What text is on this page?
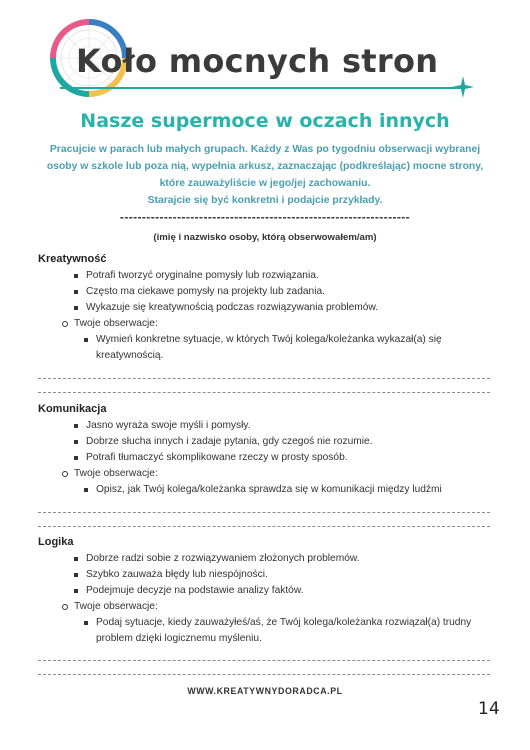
Koło mocnych stron
Nasze supermoce w oczach innych
Pracujcie w parach lub małych grupach. Każdy z Was po tygodniu obserwacji wybranej
osoby w szkole lub poza nią, wypełnia arkusz, zaznaczając (podkreślając) mocne strony,
które zauważyliście w jego/jej zachowaniu.
Starajcie się być konkretni i podajcie przykłady.
------------------------------------------------------------------
(imię i nazwisko osoby, którą obserwowałem/am)
Kreatywność
Potrafi tworzyć oryginalne pomysły lub rozwiązania.
Często ma ciekawe pomysły na projekty lub zadania.
Wykazuje się kreatywnością podczas rozwiązywania problemów.
Twoje obserwacje:
Wymień konkretne sytuacje, w których Twój kolega/koleżanka wykazał(a) się kreatywnością.
Komunikacja
Jasno wyraża swoje myśli i pomysły.
Dobrze słucha innych i zadaje pytania, gdy czegoś nie rozumie.
Potrafi tłumaczyć skomplikowane rzeczy w prosty sposób.
Twoje obserwacje:
Opisz, jak Twój kolega/koleżanka sprawdza się w komunikacji między ludźmi
Logika
Dobrze radzi sobie z rozwiązywaniem złożonych problemów.
Szybko zauważa błędy lub niespójności.
Podejmuje decyzje na podstawie analizy faktów.
Twoje obserwacje:
Podaj sytuacje, kiedy zauważyłeś/aś, że Twój kolega/koleżanka rozwiązał(a) trudny problem dzięki logicznemu myśleniu.
WWW.KREATYWNYDORADCA.PL
14
